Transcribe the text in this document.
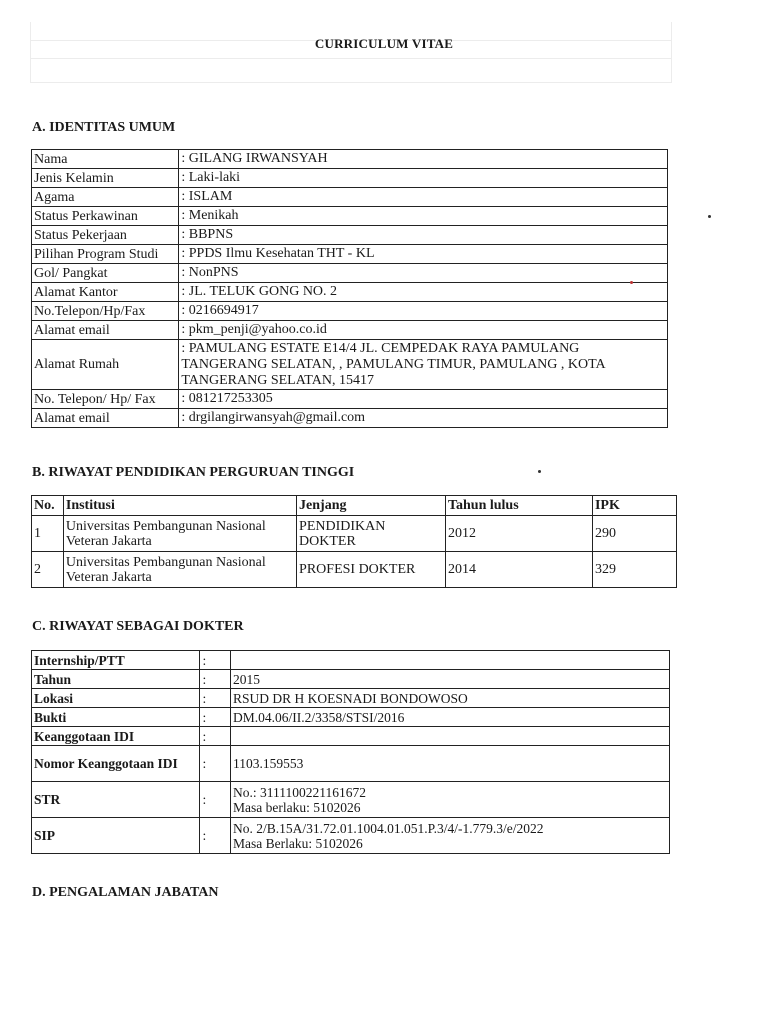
CURRICULUM VITAE
A. IDENTITAS UMUM
Nama	: GILANG IRWANSYAH
Jenis Kelamin	: Laki-laki
Agama	: ISLAM
Status Perkawinan	: Menikah
Status Pekerjaan	: BBPNS
Pilihan Program Studi	: PPDS Ilmu Kesehatan THT - KL
Gol/ Pangkat	: NonPNS
Alamat Kantor	: JL. TELUK GONG NO. 2
No.Telepon/Hp/Fax	: 0216694917
Alamat email	: pkm_penji@yahoo.co.id
Alamat Rumah	: PAMULANG ESTATE E14/4 JL. CEMPEDAK RAYA PAMULANG TANGERANG SELATAN, , PAMULANG TIMUR, PAMULANG , KOTA TANGERANG SELATAN, 15417
No. Telepon/ Hp/ Fax	: 081217253305
Alamat email	: drgilangirwansyah@gmail.com
B. RIWAYAT PENDIDIKAN PERGURUAN TINGGI
No.	Institusi	Jenjang	Tahun lulus	IPK
1	Universitas Pembangunan Nasional Veteran Jakarta	PENDIDIKAN DOKTER	2012	290
2	Universitas Pembangunan Nasional Veteran Jakarta	PROFESI DOKTER	2014	329
C. RIWAYAT SEBAGAI DOKTER
Internship/PTT	:	

Tahun	:	2015

Lokasi	:	RSUD DR H KOESNADI BONDOWOSO

Bukti	:	DM.04.06/II.2/3358/STSI/2016

Keanggotaan IDI	:	

Nomor Keanggotaan IDI	:	1103.159553

STR	:	No.: 3111100221161672
Masa berlaku: 5102026

SIP	:	No. 2/B.15A/31.72.01.1004.01.051.P.3/4/-1.779.3/e/2022
Masa Berlaku: 5102026
D. PENGALAMAN JABATAN
